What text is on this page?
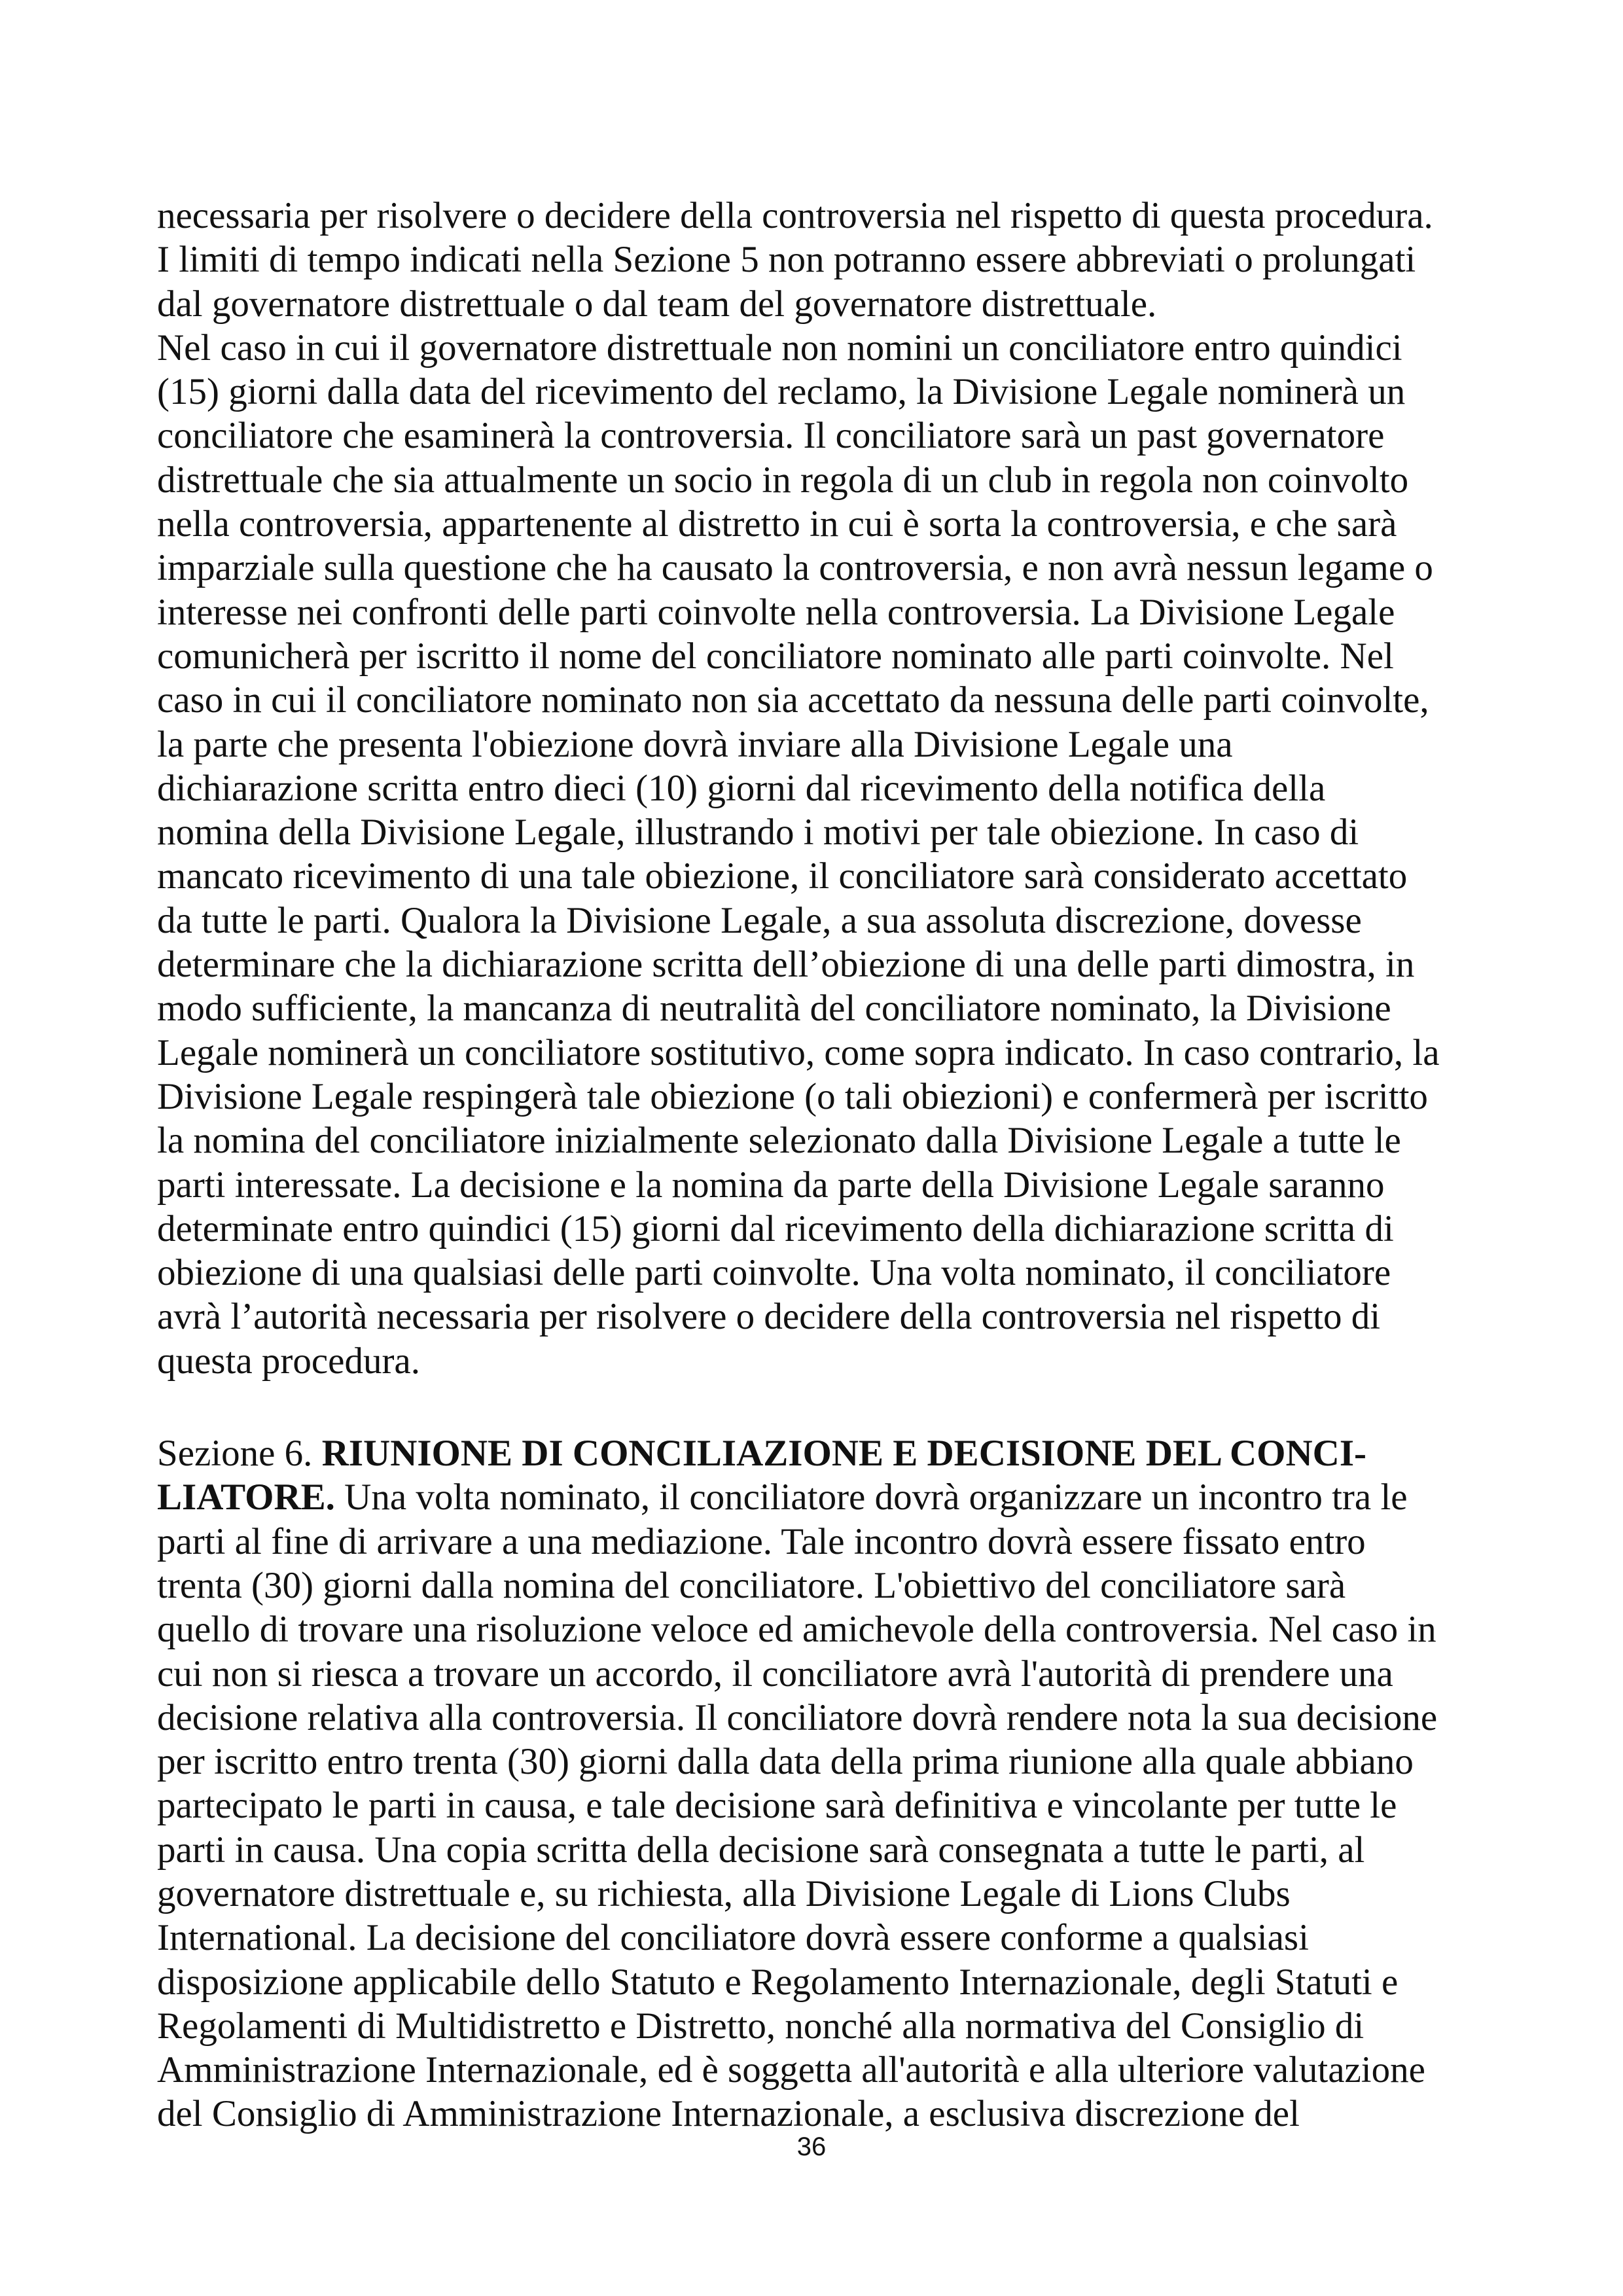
necessaria per risolvere o decidere della controversia nel rispetto di questa procedura.
I limiti di tempo indicati nella Sezione 5 non potranno essere abbreviati o prolungati
dal governatore distrettuale o dal team del governatore distrettuale.

Nel caso in cui il governatore distrettuale non nomini un conciliatore entro quindici
(15) giorni dalla data del ricevimento del reclamo, la Divisione Legale nominerà un
conciliatore che esaminerà la controversia. Il conciliatore sarà un past governatore
distrettuale che sia attualmente un socio in regola di un club in regola non coinvolto
nella controversia, appartenente al distretto in cui è sorta la controversia, e che sarà
imparziale sulla questione che ha causato la controversia, e non avrà nessun legame o
interesse nei confronti delle parti coinvolte nella controversia. La Divisione Legale
comunicherà per iscritto il nome del conciliatore nominato alle parti coinvolte. Nel
caso in cui il conciliatore nominato non sia accettato da nessuna delle parti coinvolte,
la parte che presenta l'obiezione dovrà inviare alla Divisione Legale una
dichiarazione scritta entro dieci (10) giorni dal ricevimento della notifica della
nomina della Divisione Legale, illustrando i motivi per tale obiezione. In caso di
mancato ricevimento di una tale obiezione, il conciliatore sarà considerato accettato
da tutte le parti. Qualora la Divisione Legale, a sua assoluta discrezione, dovesse
determinare che la dichiarazione scritta dell’obiezione di una delle parti dimostra, in
modo sufficiente, la mancanza di neutralità del conciliatore nominato, la Divisione
Legale nominerà un conciliatore sostitutivo, come sopra indicato. In caso contrario, la
Divisione Legale respingerà tale obiezione (o tali obiezioni) e confermerà per iscritto
la nomina del conciliatore inizialmente selezionato dalla Divisione Legale a tutte le
parti interessate. La decisione e la nomina da parte della Divisione Legale saranno
determinate entro quindici (15) giorni dal ricevimento della dichiarazione scritta di
obiezione di una qualsiasi delle parti coinvolte. Una volta nominato, il conciliatore
avrà l’autorità necessaria per risolvere o decidere della controversia nel rispetto di
questa procedura.

Sezione 6. RIUNIONE DI CONCILIAZIONE E DECISIONE DEL CONCI-
LIATORE. Una volta nominato, il conciliatore dovrà organizzare un incontro tra le
parti al fine di arrivare a una mediazione. Tale incontro dovrà essere fissato entro
trenta (30) giorni dalla nomina del conciliatore. L'obiettivo del conciliatore sarà
quello di trovare una risoluzione veloce ed amichevole della controversia. Nel caso in
cui non si riesca a trovare un accordo, il conciliatore avrà l'autorità di prendere una
decisione relativa alla controversia. Il conciliatore dovrà rendere nota la sua decisione
per iscritto entro trenta (30) giorni dalla data della prima riunione alla quale abbiano
partecipato le parti in causa, e tale decisione sarà definitiva e vincolante per tutte le
parti in causa. Una copia scritta della decisione sarà consegnata a tutte le parti, al
governatore distrettuale e, su richiesta, alla Divisione Legale di Lions Clubs
International. La decisione del conciliatore dovrà essere conforme a qualsiasi
disposizione applicabile dello Statuto e Regolamento Internazionale, degli Statuti e
Regolamenti di Multidistretto e Distretto, nonché alla normativa del Consiglio di
Amministrazione Internazionale, ed è soggetta all'autorità e alla ulteriore valutazione
del Consiglio di Amministrazione Internazionale, a esclusiva discrezione del

36
